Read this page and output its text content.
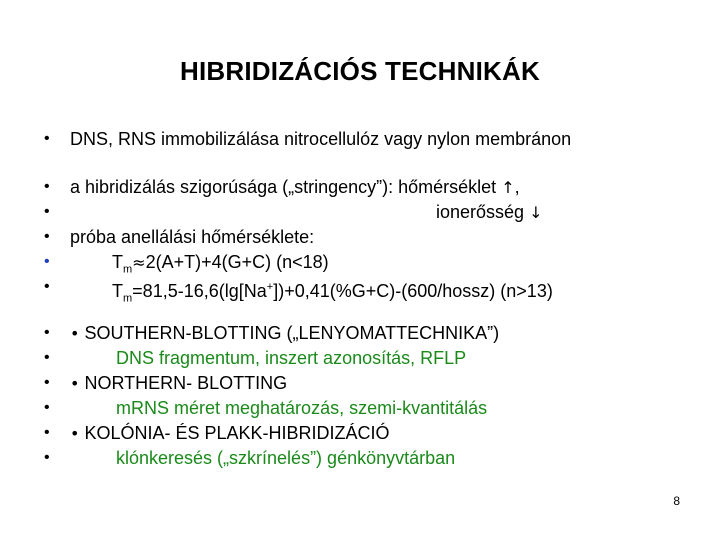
HIBRIDIZÁCIÓS TECHNIKÁK
•
•
•
•
•
•
•
•
•
•
•
•
DNS, RNS immobilizálása nitrocellulóz vagy nylon membránon
a hibridizálás szigorúsága („stringency”): hőmérséklet ↑,
ionerősség ↓
próba anellálási hőmérséklete:
$T_m\approx 2(A+T)+4(G+C)$ (n<18)
$T_m=81,5-16,6(\lg[Na^+])+0,41(\%G+C)-(600/hossz)$ (n>13)
• SOUTHERN-BLOTTING („LENYOMATTECHNIKA”)
DNS fragmentum, inszert azonosítás, RFLP
• NORTHERN- BLOTTING
mRNS méret meghatározás, szemi-kvantitálás
• KOLÓNIA- ÉS PLAKK-HIBRIDIZÁCIÓ
klónkeresés („szkrínelés”) génkönyvtárban
8
